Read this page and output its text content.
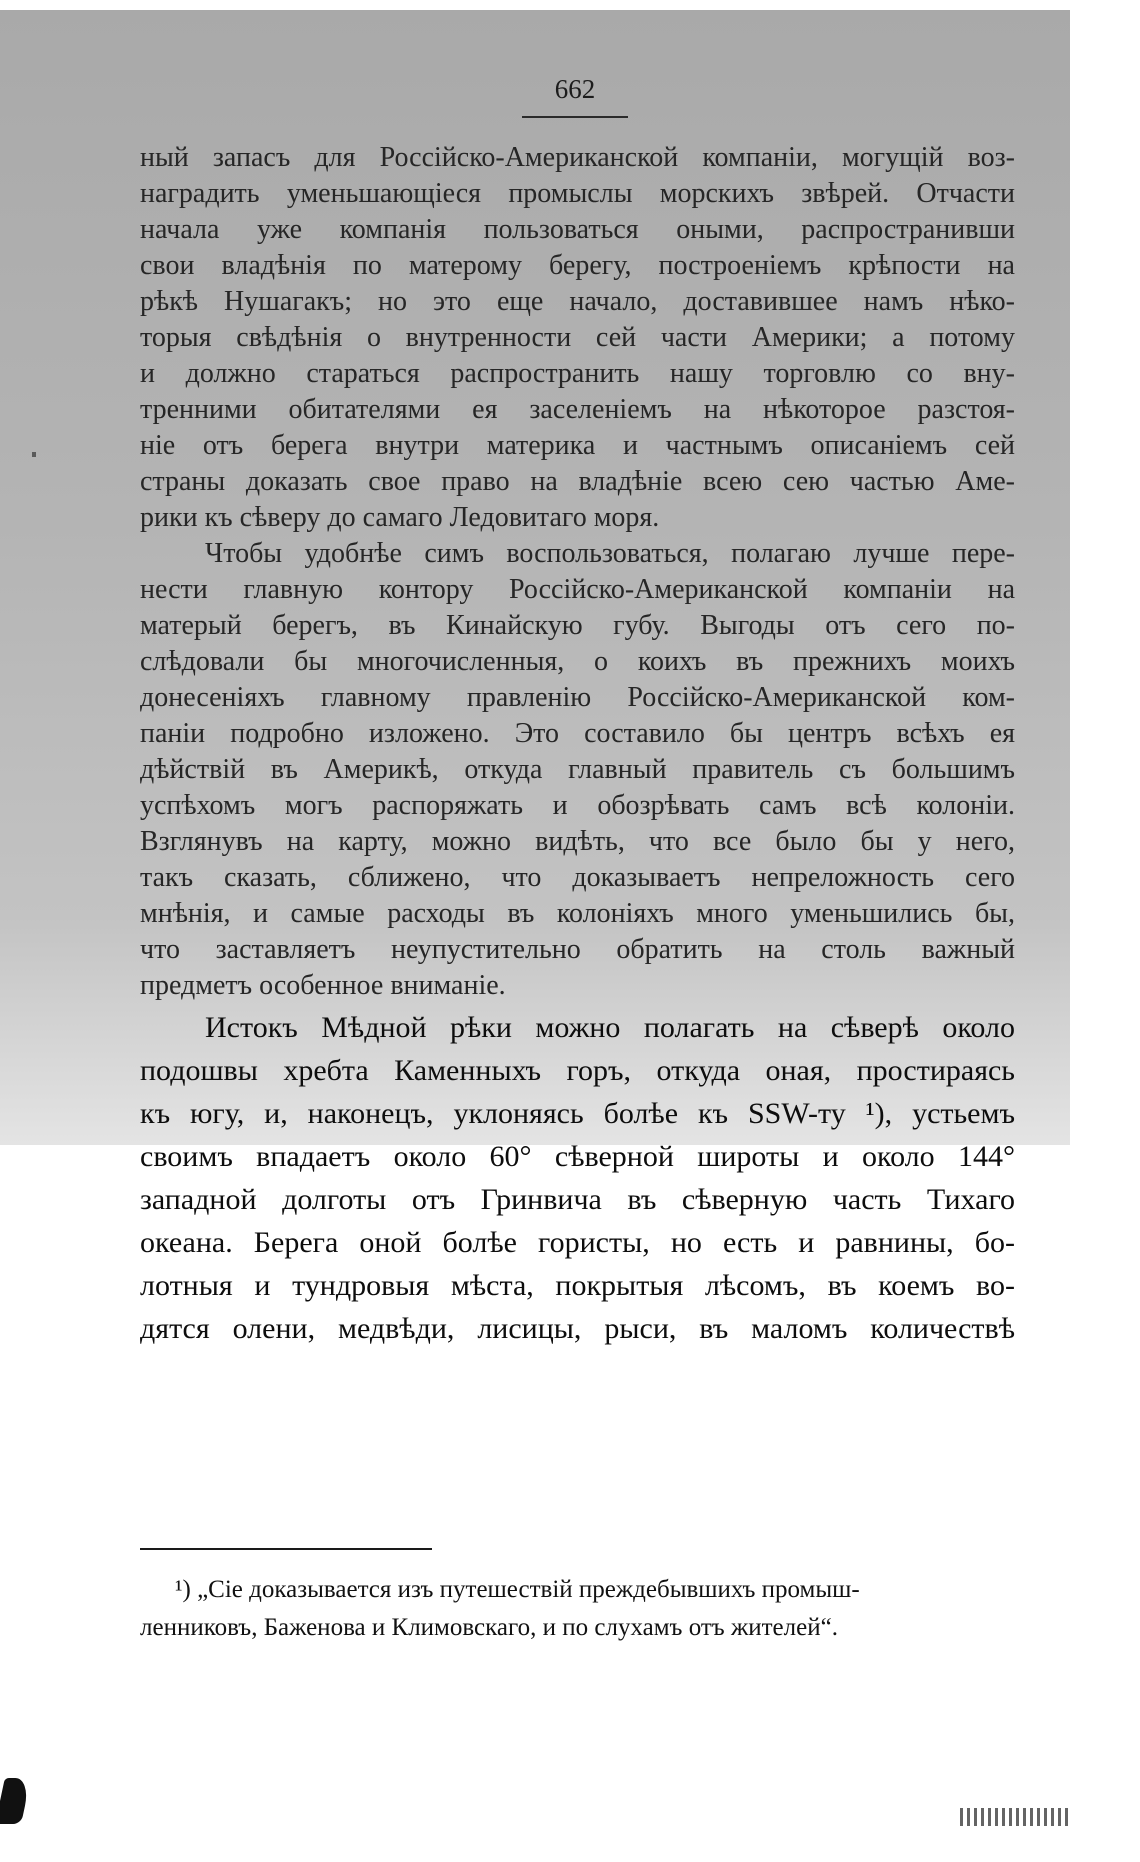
662
ный запасъ для Россійско-Американской компаніи, могущій воз-
наградить уменьшающіеся промыслы морскихъ звѣрей. Отчасти
начала уже компанія пользоваться оными, распространивши
свои владѣнія по матерому берегу, построеніемъ крѣпости на
рѣкѣ Нушагакъ; но это еще начало, доставившее намъ нѣко-
торыя свѣдѣнія о внутренности сей части Америки; а потому
и должно стараться распространить нашу торговлю со вну-
тренними обитателями ея заселеніемъ на нѣкоторое разстоя-
ніе отъ берега внутри материка и частнымъ описаніемъ сей
страны доказать свое право на владѣніе всею сею частью Аме-
рики къ сѣверу до самаго Ледовитаго моря.
Чтобы удобнѣе симъ воспользоваться, полагаю лучше пере-
нести главную контору Россійско-Американской компаніи на
матерый берегъ, въ Кинайскую губу. Выгоды отъ сего по-
слѣдовали бы многочисленныя, о коихъ въ прежнихъ моихъ
донесеніяхъ главному правленію Россійско-Американской ком-
паніи подробно изложено. Это составило бы центръ всѣхъ ея
дѣйствій въ Америкѣ, откуда главный правитель съ большимъ
успѣхомъ могъ распоряжать и обозрѣвать самъ всѣ колоніи.
Взглянувъ на карту, можно видѣть, что все было бы у него,
такъ сказать, сближено, что доказываетъ непреложность сего
мнѣнія, и самые расходы въ колоніяхъ много уменьшились бы,
что заставляетъ неупустительно обратить на столь важный
предметъ особенное вниманіе.
Истокъ Мѣдной рѣки можно полагать на сѣверѣ около
подошвы хребта Каменныхъ горъ, откуда оная, простираясь
къ югу, и, наконецъ, уклоняясь болѣе къ SSW-ту ¹), устьемъ
своимъ впадаетъ около 60° сѣверной широты и около 144°
западной долготы отъ Гринвича въ сѣверную часть Тихаго
океана. Берега оной болѣе гористы, но есть и равнины, бо-
лотныя и тундровыя мѣста, покрытыя лѣсомъ, въ коемъ во-
дятся олени, медвѣди, лисицы, рыси, въ маломъ количествѣ
¹) „Сіе доказывается изъ путешествій преждебывшихъ промыш-
ленниковъ, Баженова и Климовскаго, и по слухамъ отъ жителей“.
